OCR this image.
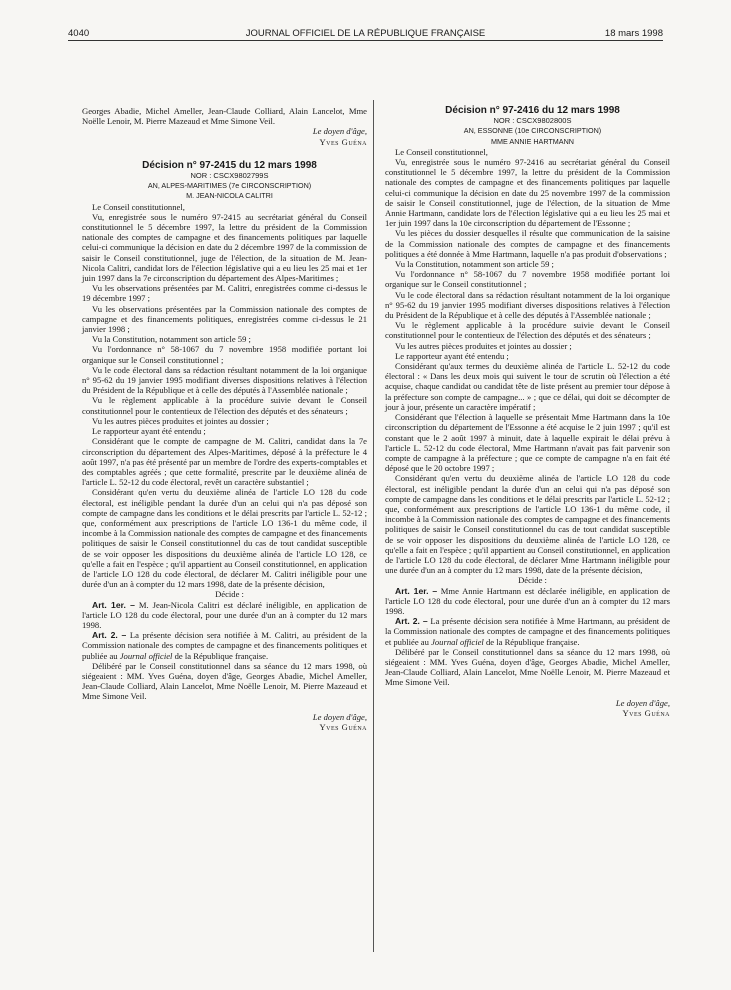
4040	JOURNAL OFFICIEL DE LA RÉPUBLIQUE FRANÇAISE	18 mars 1998

Georges Abadie, Michel Ameller, Jean-Claude Colliard, Alain Lancelot, Mme Noëlle Lenoir, M. Pierre Mazeaud et Mme Simone Veil.

Le doyen d'âge,

Yves Guéna

Décision n° 97-2415 du 12 mars 1998

NOR : CSCX9802799S

AN, ALPES-MARITIMES (7e CIRCONSCRIPTION)

M. JEAN-NICOLA CALITRI

Le Conseil constitutionnel,

Vu, enregistrée sous le numéro 97-2415 au secrétariat général du Conseil constitutionnel le 5 décembre 1997, la lettre du président de la Commission nationale des comptes de campagne et des financements politiques par laquelle celui-ci communique la décision en date du 2 décembre 1997 de la commission de saisir le Conseil constitutionnel, juge de l'élection, de la situation de M. Jean-Nicola Calitri, candidat lors de l'élection législative qui a eu lieu les 25 mai et 1er juin 1997 dans la 7e circonscription du département des Alpes-Maritimes ;

Vu les observations présentées par M. Calitri, enregistrées comme ci-dessus le 19 décembre 1997 ;

Vu les observations présentées par la Commission nationale des comptes de campagne et des financements politiques, enregistrées comme ci-dessus le 21 janvier 1998 ;

Vu la Constitution, notamment son article 59 ;

Vu l'ordonnance n° 58-1067 du 7 novembre 1958 modifiée portant loi organique sur le Conseil constitutionnel ;

Vu le code électoral dans sa rédaction résultant notamment de la loi organique n° 95-62 du 19 janvier 1995 modifiant diverses dispositions relatives à l'élection du Président de la République et à celle des députés à l'Assemblée nationale ;

Vu le règlement applicable à la procédure suivie devant le Conseil constitutionnel pour le contentieux de l'élection des députés et des sénateurs ;

Vu les autres pièces produites et jointes au dossier ;

Le rapporteur ayant été entendu ;

Considérant que le compte de campagne de M. Calitri, candidat dans la 7e circonscription du département des Alpes-Maritimes, déposé à la préfecture le 4 août 1997, n'a pas été présenté par un membre de l'ordre des experts-comptables et des comptables agréés ; que cette formalité, prescrite par le deuxième alinéa de l'article L. 52-12 du code électoral, revêt un caractère substantiel ;

Considérant qu'en vertu du deuxième alinéa de l'article LO 128 du code électoral, est inéligible pendant la durée d'un an celui qui n'a pas déposé son compte de campagne dans les conditions et le délai prescrits par l'article L. 52-12 ; que, conformément aux prescriptions de l'article LO 136-1 du même code, il incombe à la Commission nationale des comptes de campagne et des financements politiques de saisir le Conseil constitutionnel du cas de tout candidat susceptible de se voir opposer les dispositions du deuxième alinéa de l'article LO 128, ce qu'elle a fait en l'espèce ; qu'il appartient au Conseil constitutionnel, en application de l'article LO 128 du code électoral, de déclarer M. Calitri inéligible pour une durée d'un an à compter du 12 mars 1998, date de la présente décision,

Décide :

Art. 1er. – M. Jean-Nicola Calitri est déclaré inéligible, en application de l'article LO 128 du code électoral, pour une durée d'un an à compter du 12 mars 1998.

Art. 2. – La présente décision sera notifiée à M. Calitri, au président de la Commission nationale des comptes de campagne et des financements politiques et publiée au Journal officiel de la République française.

Délibéré par le Conseil constitutionnel dans sa séance du 12 mars 1998, où siégeaient : MM. Yves Guéna, doyen d'âge, Georges Abadie, Michel Ameller, Jean-Claude Colliard, Alain Lancelot, Mme Noëlle Lenoir, M. Pierre Mazeaud et Mme Simone Veil.

Le doyen d'âge,

Yves Guéna

Décision n° 97-2416 du 12 mars 1998

NOR : CSCX9802800S

AN, ESSONNE (10e CIRCONSCRIPTION)

MME ANNIE HARTMANN

Le Conseil constitutionnel,

Vu, enregistrée sous le numéro 97-2416 au secrétariat général du Conseil constitutionnel le 5 décembre 1997, la lettre du président de la Commission nationale des comptes de campagne et des financements politiques par laquelle celui-ci communique la décision en date du 25 novembre 1997 de la commission de saisir le Conseil constitutionnel, juge de l'élection, de la situation de Mme Annie Hartmann, candidate lors de l'élection législative qui a eu lieu les 25 mai et 1er juin 1997 dans la 10e circonscription du département de l'Essonne ;

Vu les pièces du dossier desquelles il résulte que communication de la saisine de la Commission nationale des comptes de campagne et des financements politiques a été donnée à Mme Hartmann, laquelle n'a pas produit d'observations ;

Vu la Constitution, notamment son article 59 ;

Vu l'ordonnance n° 58-1067 du 7 novembre 1958 modifiée portant loi organique sur le Conseil constitutionnel ;

Vu le code électoral dans sa rédaction résultant notamment de la loi organique n° 95-62 du 19 janvier 1995 modifiant diverses dispositions relatives à l'élection du Président de la République et à celle des députés à l'Assemblée nationale ;

Vu le règlement applicable à la procédure suivie devant le Conseil constitutionnel pour le contentieux de l'élection des députés et des sénateurs ;

Vu les autres pièces produites et jointes au dossier ;

Le rapporteur ayant été entendu ;

Considérant qu'aux termes du deuxième alinéa de l'article L. 52-12 du code électoral : « Dans les deux mois qui suivent le tour de scrutin où l'élection a été acquise, chaque candidat ou candidat tête de liste présent au premier tour dépose à la préfecture son compte de campagne... » ; que ce délai, qui doit se décompter de jour à jour, présente un caractère impératif ;

Considérant que l'élection à laquelle se présentait Mme Hartmann dans la 10e circonscription du département de l'Essonne a été acquise le 2 juin 1997 ; qu'il est constant que le 2 août 1997 à minuit, date à laquelle expirait le délai prévu à l'article L. 52-12 du code électoral, Mme Hartmann n'avait pas fait parvenir son compte de campagne à la préfecture ; que ce compte de campagne n'a en fait été déposé que le 20 octobre 1997 ;

Considérant qu'en vertu du deuxième alinéa de l'article LO 128 du code électoral, est inéligible pendant la durée d'un an celui qui n'a pas déposé son compte de campagne dans les conditions et le délai prescrits par l'article L. 52-12 ; que, conformément aux prescriptions de l'article LO 136-1 du même code, il incombe à la Commission nationale des comptes de campagne et des financements politiques de saisir le Conseil constitutionnel du cas de tout candidat susceptible de se voir opposer les dispositions du deuxième alinéa de l'article LO 128, ce qu'elle a fait en l'espèce ; qu'il appartient au Conseil constitutionnel, en application de l'article LO 128 du code électoral, de déclarer Mme Hartmann inéligible pour une durée d'un an à compter du 12 mars 1998, date de la présente décision,

Décide :

Art. 1er. – Mme Annie Hartmann est déclarée inéligible, en application de l'article LO 128 du code électoral, pour une durée d'un an à compter du 12 mars 1998.

Art. 2. – La présente décision sera notifiée à Mme Hartmann, au président de la Commission nationale des comptes de campagne et des financements politiques et publiée au Journal officiel de la République française.

Délibéré par le Conseil constitutionnel dans sa séance du 12 mars 1998, où siégeaient : MM. Yves Guéna, doyen d'âge, Georges Abadie, Michel Ameller, Jean-Claude Colliard, Alain Lancelot, Mme Noëlle Lenoir, M. Pierre Mazeaud et Mme Simone Veil.

Le doyen d'âge,

Yves Guéna
